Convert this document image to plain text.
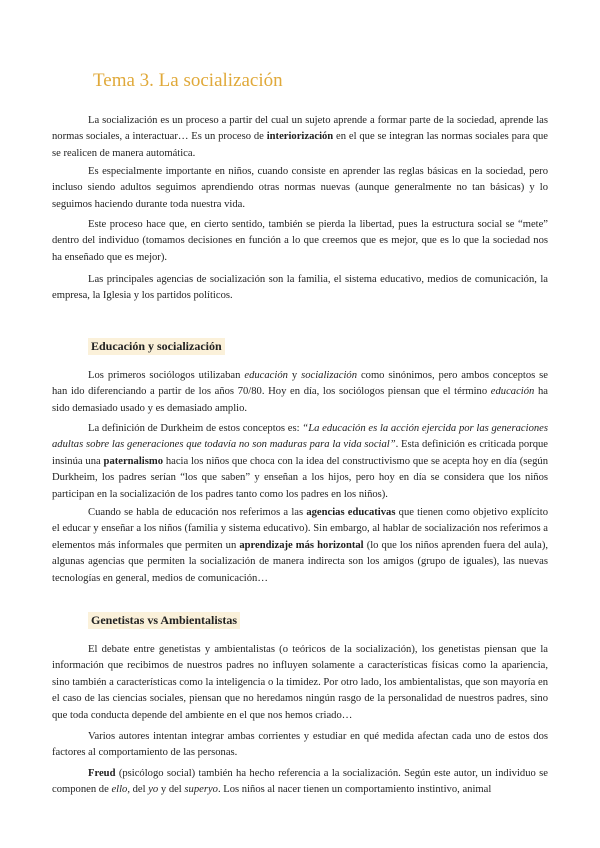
Tema 3. La socialización

La socialización es un proceso a partir del cual un sujeto aprende a formar parte de la sociedad, aprende las normas sociales, a interactuar… Es un proceso de interiorización en el que se integran las normas sociales para que se realicen de manera automática.

Es especialmente importante en niños, cuando consiste en aprender las reglas básicas en la sociedad, pero incluso siendo adultos seguimos aprendiendo otras normas nuevas (aunque generalmente no tan básicas) y lo seguimos haciendo durante toda nuestra vida.

Este proceso hace que, en cierto sentido, también se pierda la libertad, pues la estructura social se “mete” dentro del individuo (tomamos decisiones en función a lo que creemos que es mejor, que es lo que la sociedad nos ha enseñado que es mejor).

Las principales agencias de socialización son la familia, el sistema educativo, medios de comunicación, la empresa, la Iglesia y los partidos políticos.

Educación y socialización

Los primeros sociólogos utilizaban educación y socialización como sinónimos, pero ambos conceptos se han ido diferenciando a partir de los años 70/80. Hoy en día, los sociólogos piensan que el término educación ha sido demasiado usado y es demasiado amplio.

La definición de Durkheim de estos conceptos es: “La educación es la acción ejercida por las generaciones adultas sobre las generaciones que todavía no son maduras para la vida social”. Esta definición es criticada porque insinúa una paternalismo hacia los niños que choca con la idea del constructivismo que se acepta hoy en día (según Durkheim, los padres serían “los que saben” y enseñan a los hijos, pero hoy en día se considera que los niños participan en la socialización de los padres tanto como los padres en los niños).

Cuando se habla de educación nos referimos a las agencias educativas que tienen como objetivo explícito el educar y enseñar a los niños (familia y sistema educativo). Sin embargo, al hablar de socialización nos referimos a elementos más informales que permiten un aprendizaje más horizontal (lo que los niños aprenden fuera del aula), algunas agencias que permiten la socialización de manera indirecta son los amigos (grupo de iguales), las nuevas tecnologías en general, medios de comunicación…

Genetistas vs Ambientalistas

El debate entre genetistas y ambientalistas (o teóricos de la socialización), los genetistas piensan que la información que recibimos de nuestros padres no influyen solamente a características físicas como la apariencia, sino también a características como la inteligencia o la timidez. Por otro lado, los ambientalistas, que son mayoría en el caso de las ciencias sociales, piensan que no heredamos ningún rasgo de la personalidad de nuestros padres, sino que toda conducta depende del ambiente en el que nos hemos criado…

Varios autores intentan integrar ambas corrientes y estudiar en qué medida afectan cada uno de estos dos factores al comportamiento de las personas.

Freud (psicólogo social) también ha hecho referencia a la socialización. Según este autor, un individuo se componen de ello, del yo y del superyo. Los niños al nacer tienen un comportamiento instintivo, animal
